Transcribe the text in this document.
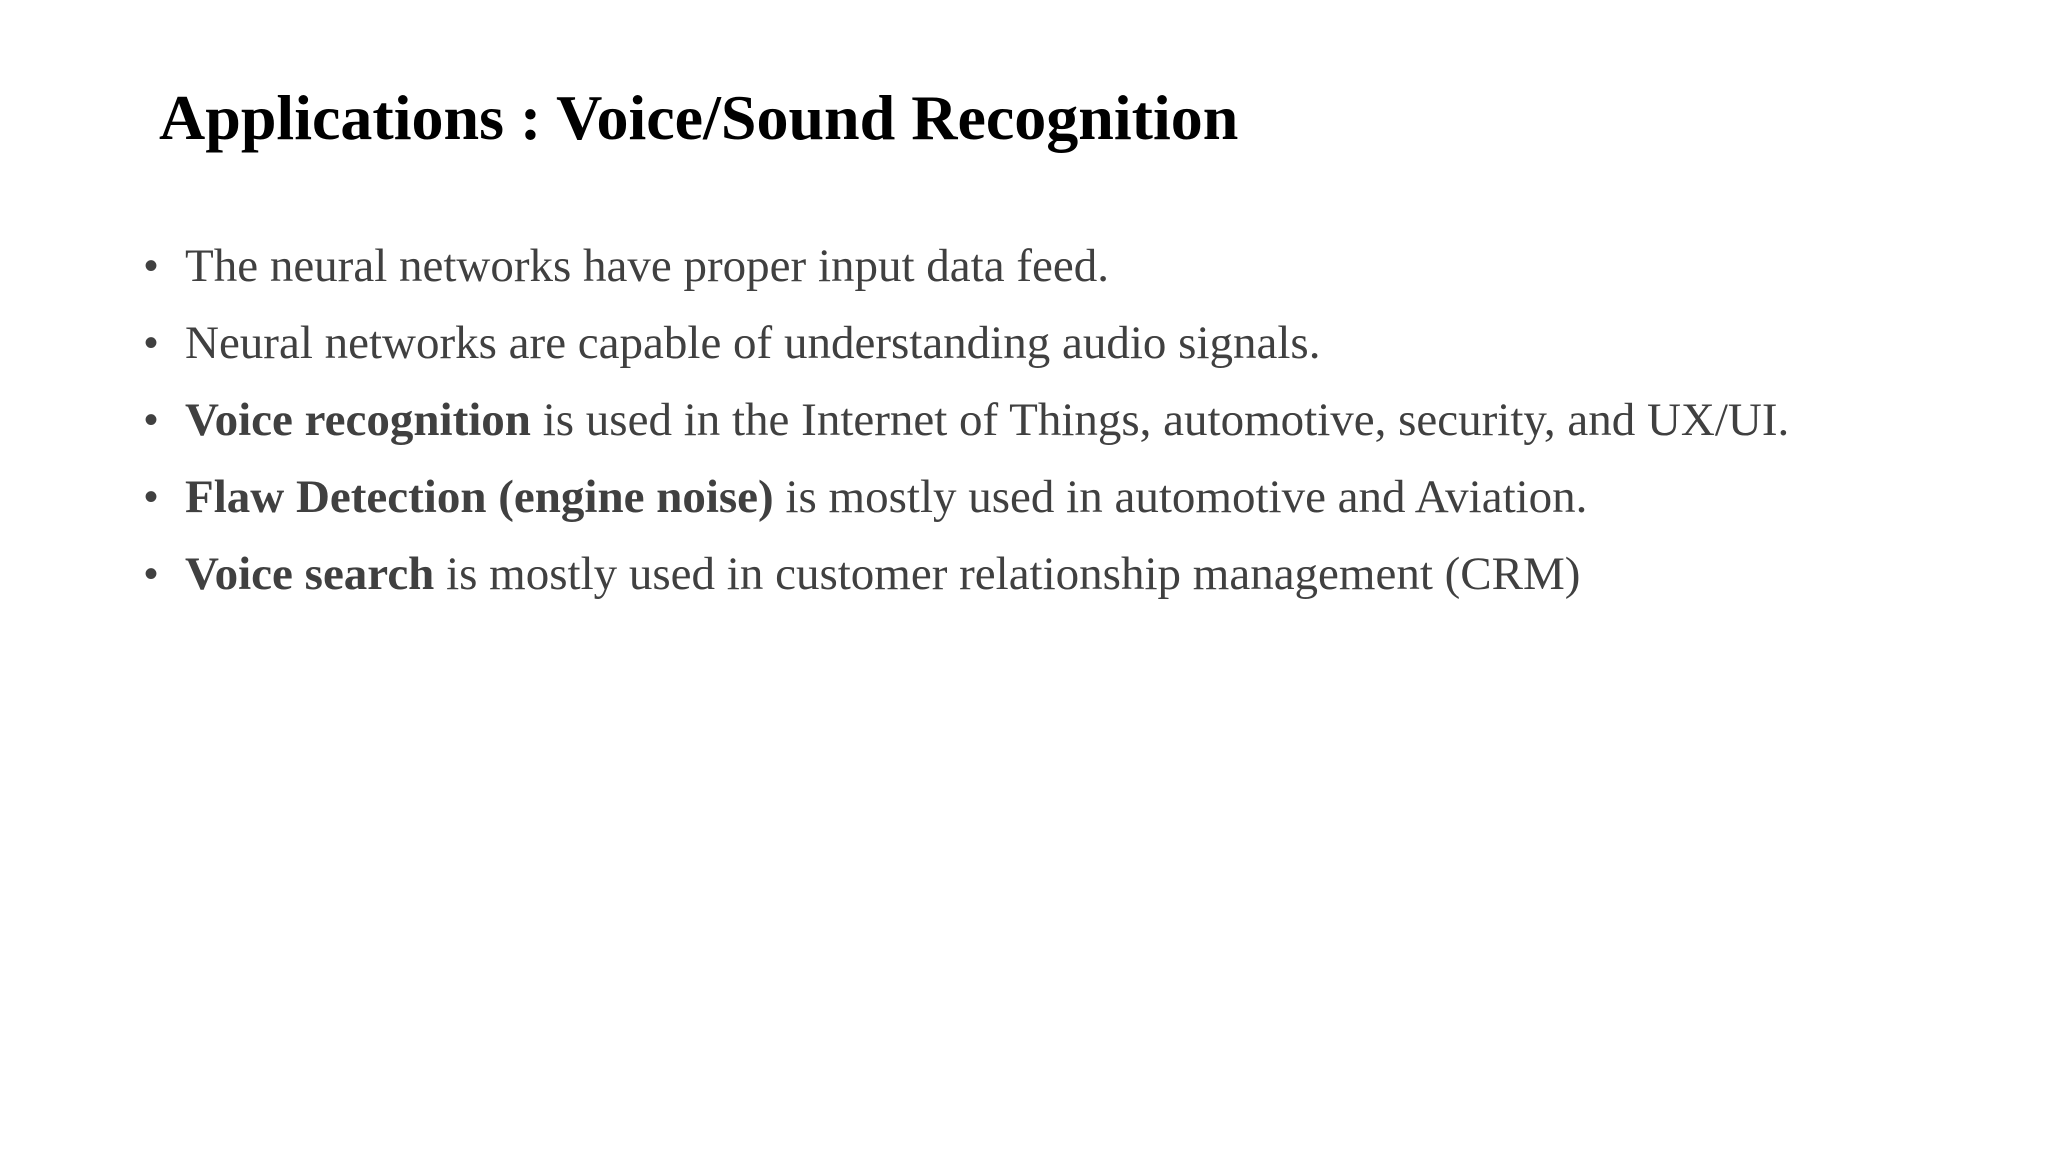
Applications : Voice/Sound Recognition
• The neural networks have proper input data feed.
• Neural networks are capable of understanding audio signals.
• Voice recognition is used in the Internet of Things, automotive, security, and UX/UI.
• Flaw Detection (engine noise) is mostly used in automotive and Aviation.
• Voice search is mostly used in customer relationship management (CRM)
